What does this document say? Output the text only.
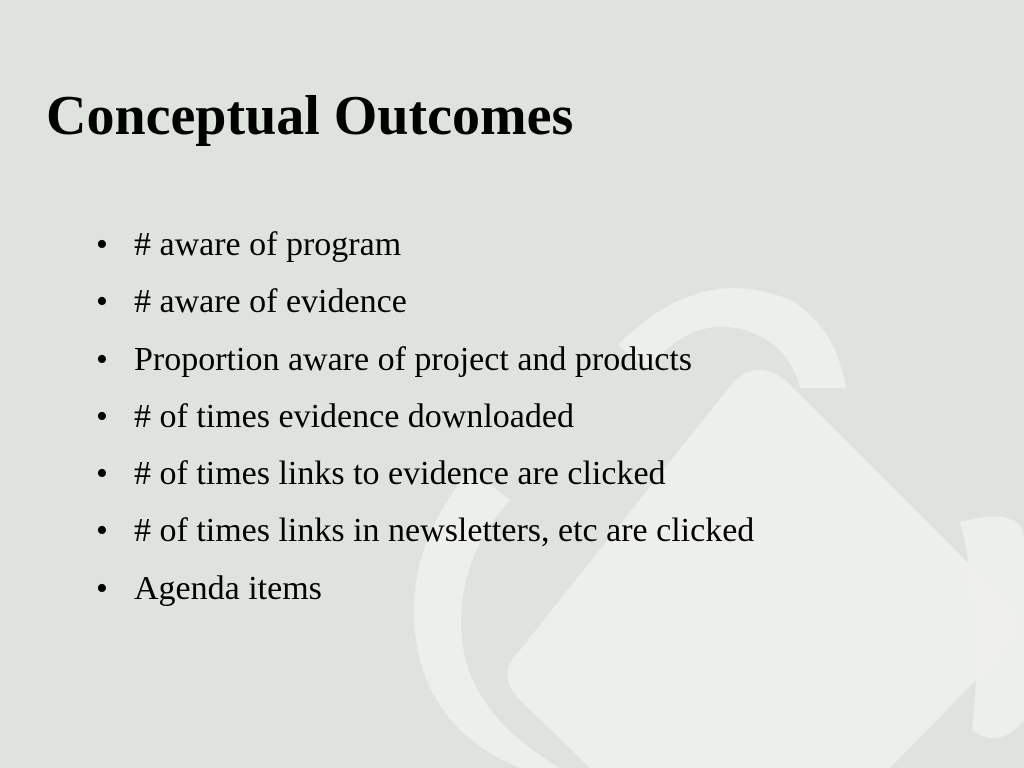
Conceptual Outcomes
• # aware of program
• # aware of evidence
• Proportion aware of project and products
• # of times evidence downloaded
• # of times links to evidence are clicked
• # of times links in newsletters, etc are clicked
• Agenda items
